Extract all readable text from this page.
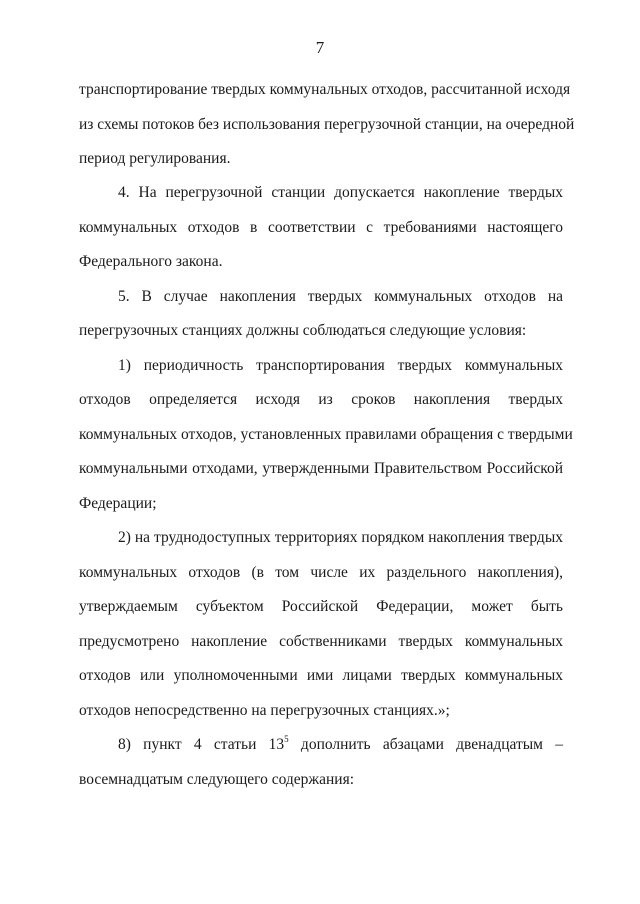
7
транспортирование твердых коммунальных отходов, рассчитанной исходя
из схемы потоков без использования перегрузочной станции, на очередной
период регулирования.
4. На перегрузочной станции допускается накопление твердых
коммунальных отходов в соответствии с требованиями настоящего
Федерального закона.
5. В случае накопления твердых коммунальных отходов на
перегрузочных станциях должны соблюдаться следующие условия:
1) периодичность транспортирования твердых коммунальных
отходов определяется исходя из сроков накопления твердых
коммунальных отходов, установленных правилами обращения с твердыми
коммунальными отходами, утвержденными Правительством Российской
Федерации;
2) на труднодоступных территориях порядком накопления твердых
коммунальных отходов (в том числе их раздельного накопления),
утверждаемым субъектом Российской Федерации, может быть
предусмотрено накопление собственниками твердых коммунальных
отходов или уполномоченными ими лицами твердых коммунальных
отходов непосредственно на перегрузочных станциях.»;
8) пункт 4 статьи $13^5$ дополнить абзацами двенадцатым –
восемнадцатым следующего содержания:
